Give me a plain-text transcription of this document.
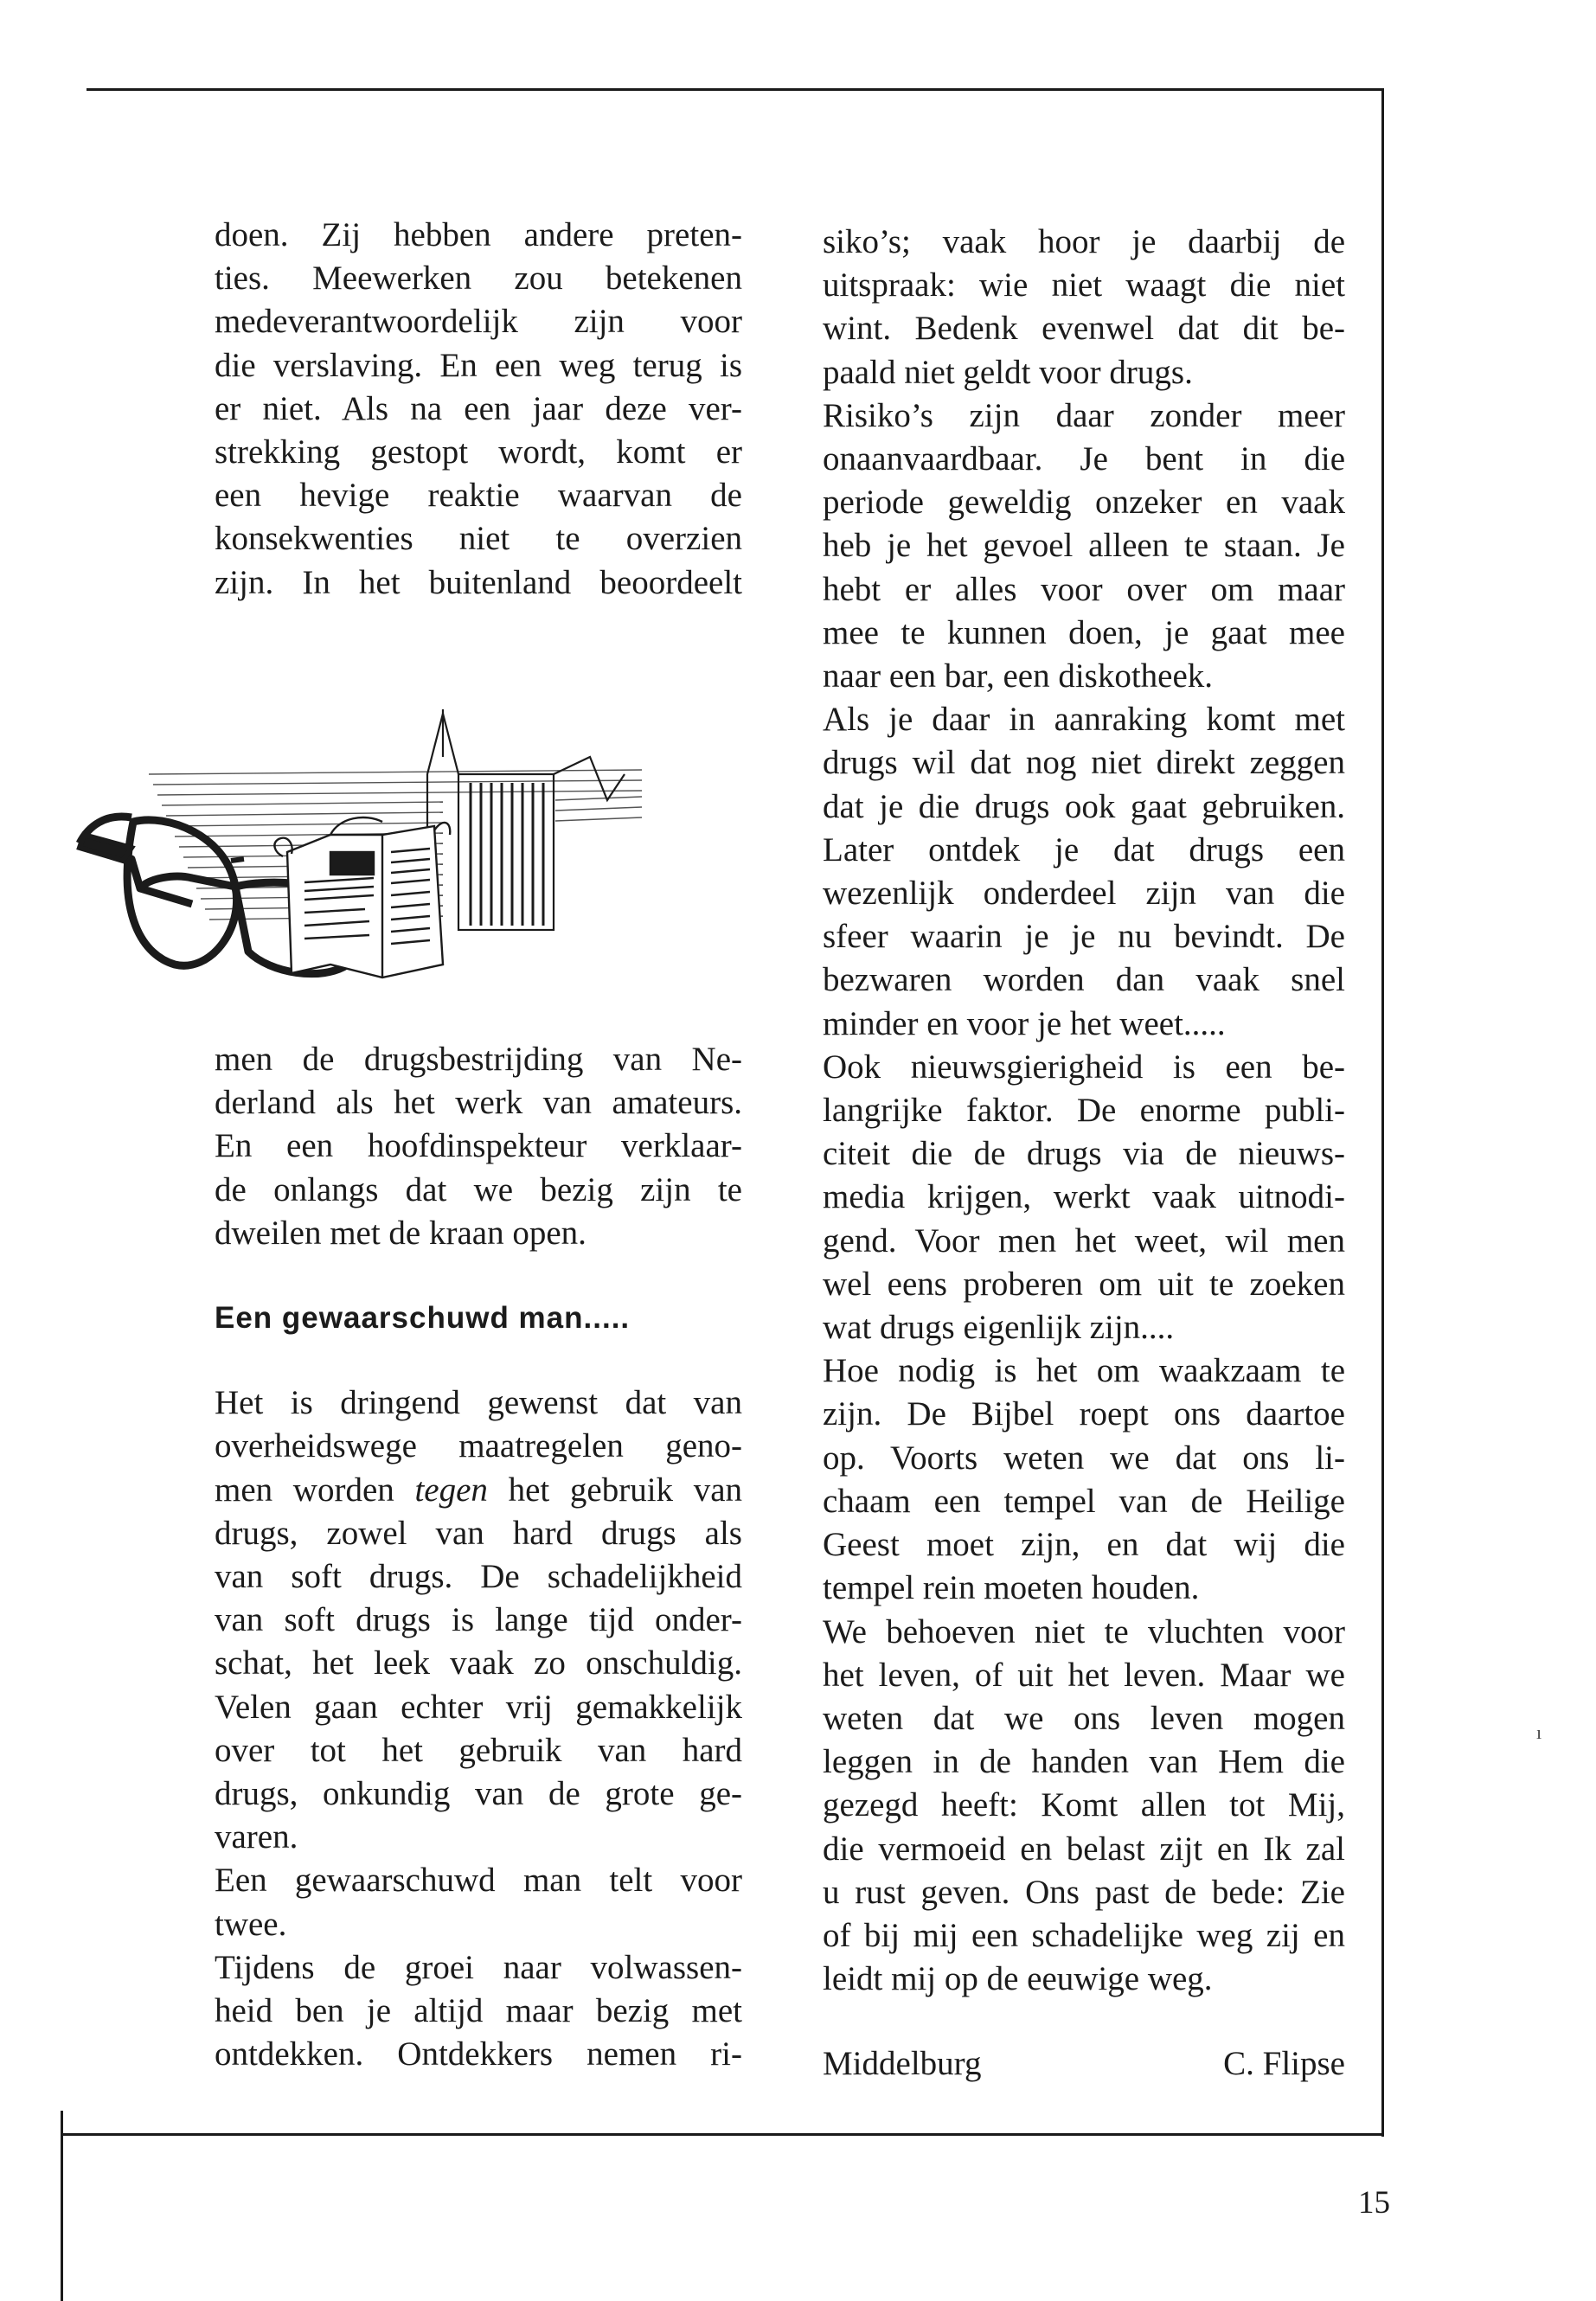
doen. Zij hebben andere preten-
ties. Meewerken zou betekenen
medeverantwoordelijk zijn voor
die verslaving. En een weg terug is
er niet. Als na een jaar deze ver-
strekking gestopt wordt, komt er
een hevige reaktie waarvan de
konsekwenties niet te overzien
zijn. In het buitenland beoordeelt
men de drugsbestrijding van Ne-
derland als het werk van amateurs.
En een hoofdinspekteur verklaar-
de onlangs dat we bezig zijn te
dweilen met de kraan open.
Een gewaarschuwd man.....
Het is dringend gewenst dat van
overheidswege maatregelen geno-
men worden tegen het gebruik van
drugs, zowel van hard drugs als
van soft drugs. De schadelijkheid
van soft drugs is lange tijd onder-
schat, het leek vaak zo onschuldig.
Velen gaan echter vrij gemakkelijk
over tot het gebruik van hard
drugs, onkundig van de grote ge-
varen.
Een gewaarschuwd man telt voor
twee.
Tijdens de groei naar volwassen-
heid ben je altijd maar bezig met
ontdekken. Ontdekkers nemen ri-
siko’s; vaak hoor je daarbij de
uitspraak: wie niet waagt die niet
wint. Bedenk evenwel dat dit be-
paald niet geldt voor drugs.
Risiko’s zijn daar zonder meer
onaanvaardbaar. Je bent in die
periode geweldig onzeker en vaak
heb je het gevoel alleen te staan. Je
hebt er alles voor over om maar
mee te kunnen doen, je gaat mee
naar een bar, een diskotheek.
Als je daar in aanraking komt met
drugs wil dat nog niet direkt zeggen
dat je die drugs ook gaat gebruiken.
Later ontdek je dat drugs een
wezenlijk onderdeel zijn van die
sfeer waarin je je nu bevindt. De
bezwaren worden dan vaak snel
minder en voor je het weet.....
Ook nieuwsgierigheid is een be-
langrijke faktor. De enorme publi-
citeit die de drugs via de nieuws-
media krijgen, werkt vaak uitnodi-
gend. Voor men het weet, wil men
wel eens proberen om uit te zoeken
wat drugs eigenlijk zijn....
Hoe nodig is het om waakzaam te
zijn. De Bijbel roept ons daartoe
op. Voorts weten we dat ons li-
chaam een tempel van de Heilige
Geest moet zijn, en dat wij die
tempel rein moeten houden.
We behoeven niet te vluchten voor
het leven, of uit het leven. Maar we
weten dat we ons leven mogen
leggen in de handen van Hem die
gezegd heeft: Komt allen tot Mij,
die vermoeid en belast zijt en Ik zal
u rust geven. Ons past de bede: Zie
of bij mij een schadelijke weg zij en
leidt mij op de eeuwige weg.
Middelburg	C. Flipse
15
ı
